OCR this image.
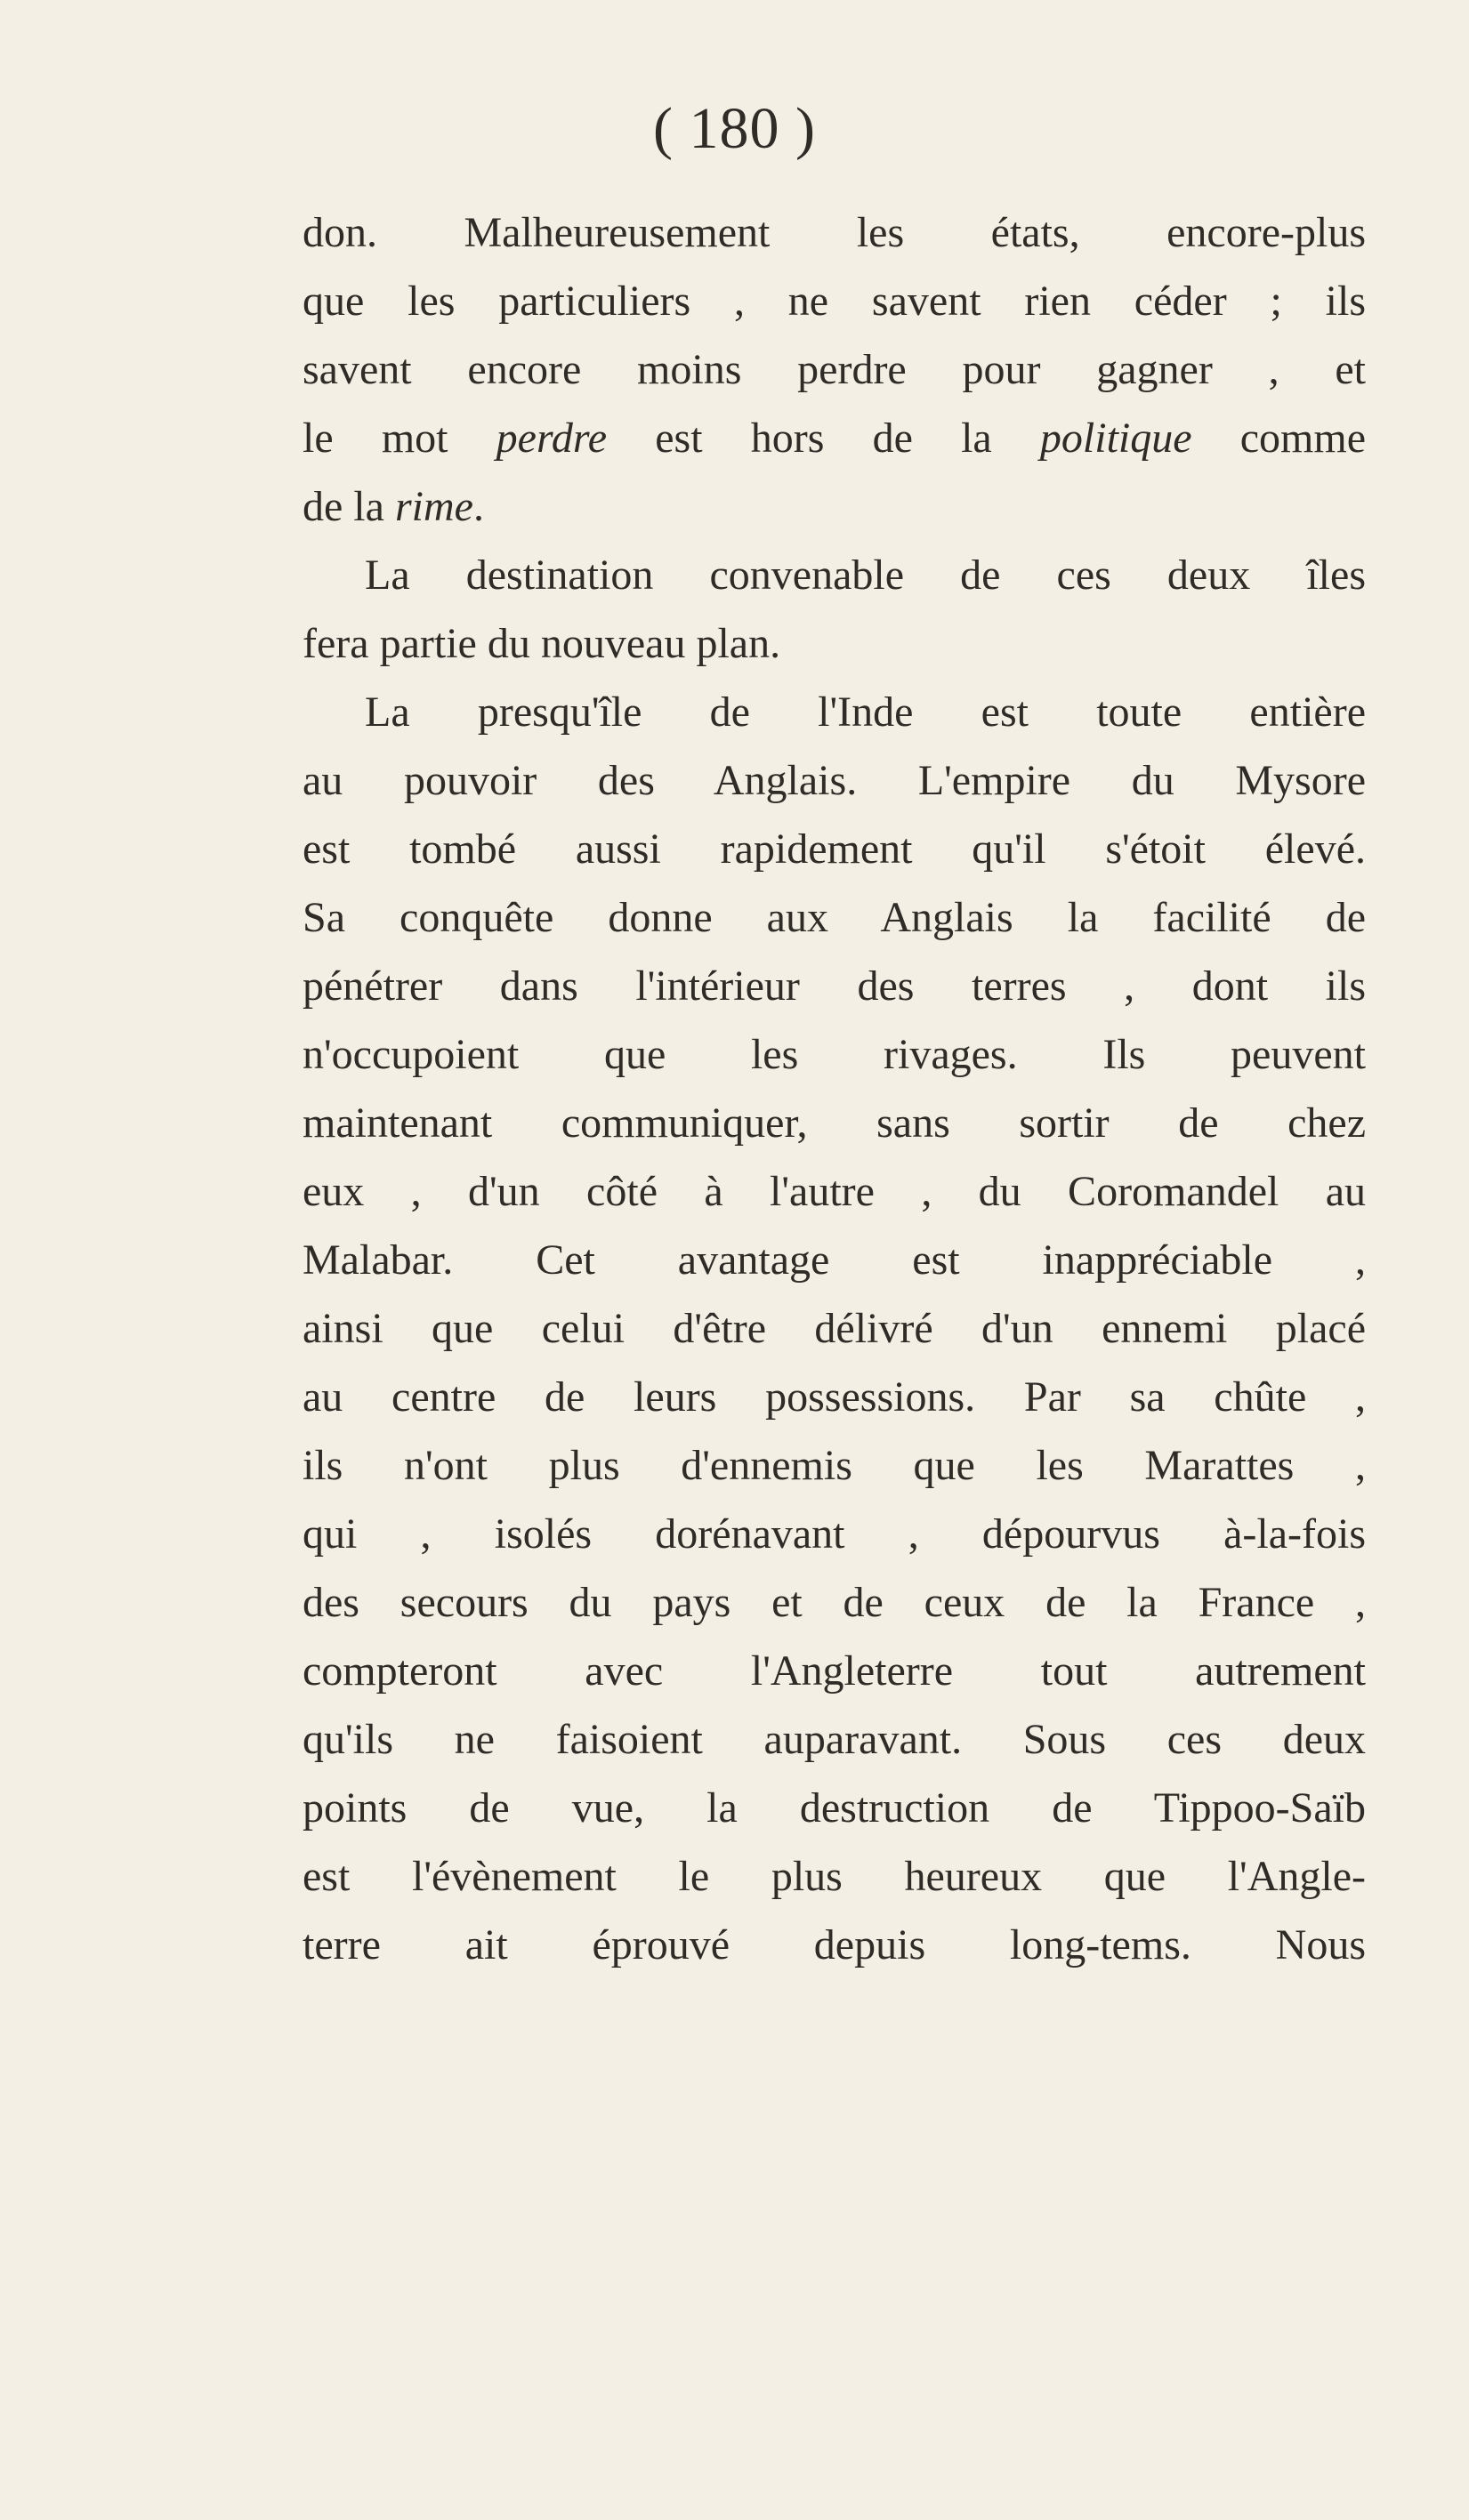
( 180 )
don. Malheureusement les états, encore-plus
que les particuliers , ne savent rien céder ; ils
savent encore moins perdre pour gagner , et
le mot perdre est hors de la politique comme
de la rime.
La destination convenable de ces deux îles
fera partie du nouveau plan.
La presqu'île de l'Inde est toute entière
au pouvoir des Anglais. L'empire du Mysore
est tombé aussi rapidement qu'il s'étoit élevé.
Sa conquête donne aux Anglais la facilité de
pénétrer dans l'intérieur des terres , dont ils
n'occupoient que les rivages. Ils peuvent
maintenant communiquer, sans sortir de chez
eux , d'un côté à l'autre , du Coromandel au
Malabar. Cet avantage est inappréciable ,
ainsi que celui d'être délivré d'un ennemi placé
au centre de leurs possessions. Par sa chûte ,
ils n'ont plus d'ennemis que les Marattes ,
qui , isolés dorénavant , dépourvus à-la-fois
des secours du pays et de ceux de la France ,
compteront avec l'Angleterre tout autrement
qu'ils ne faisoient auparavant. Sous ces deux
points de vue, la destruction de Tippoo-Saïb
est l'évènement le plus heureux que l'Angle-
terre ait éprouvé depuis long-tems. Nous
